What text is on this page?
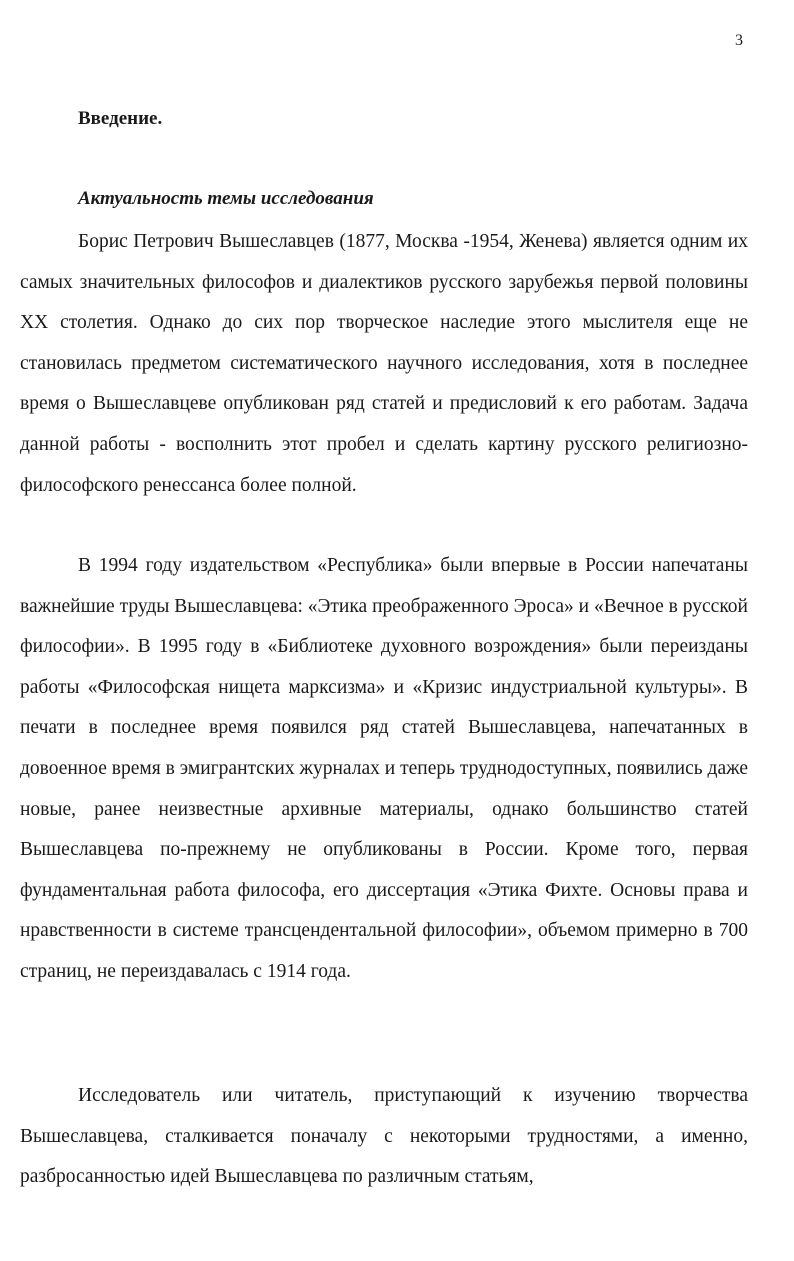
3
Введение.
Актуальность темы исследования

Борис Петрович Вышеславцев (1877, Москва -1954, Женева) является одним их самых значительных философов и диалектиков русского зарубежья первой половины XX столетия. Однако до сих пор творческое наследие этого мыслителя еще не становилась предметом систематического научного исследования, хотя в последнее время о Вышеславцеве опубликован ряд статей и предисловий к его работам. Задача данной работы - восполнить этот пробел и сделать картину русского религиозно-философского ренессанса более полной.

В 1994 году издательством «Республика» были впервые в России напечатаны важнейшие труды Вышеславцева: «Этика преображенного Эроса» и «Вечное в русской философии». В 1995 году в «Библиотеке духовного возрождения» были переизданы работы «Философская нищета марксизма» и «Кризис индустриальной культуры». В печати в последнее время появился ряд статей Вышеславцева, напечатанных в довоенное время в эмигрантских журналах и теперь труднодоступных, появились даже новые, ранее неизвестные архивные материалы, однако большинство статей Вышеславцева по-прежнему не опубликованы в России. Кроме того, первая фундаментальная работа философа, его диссертация «Этика Фихте. Основы права и нравственности в системе трансцендентальной философии», объемом примерно в 700 страниц, не переиздавалась с 1914 года.

Исследователь или читатель, приступающий к изучению творчества Вышеславцева, сталкивается поначалу с некоторыми трудностями, а именно, разбросанностью идей Вышеславцева по различным статьям,
